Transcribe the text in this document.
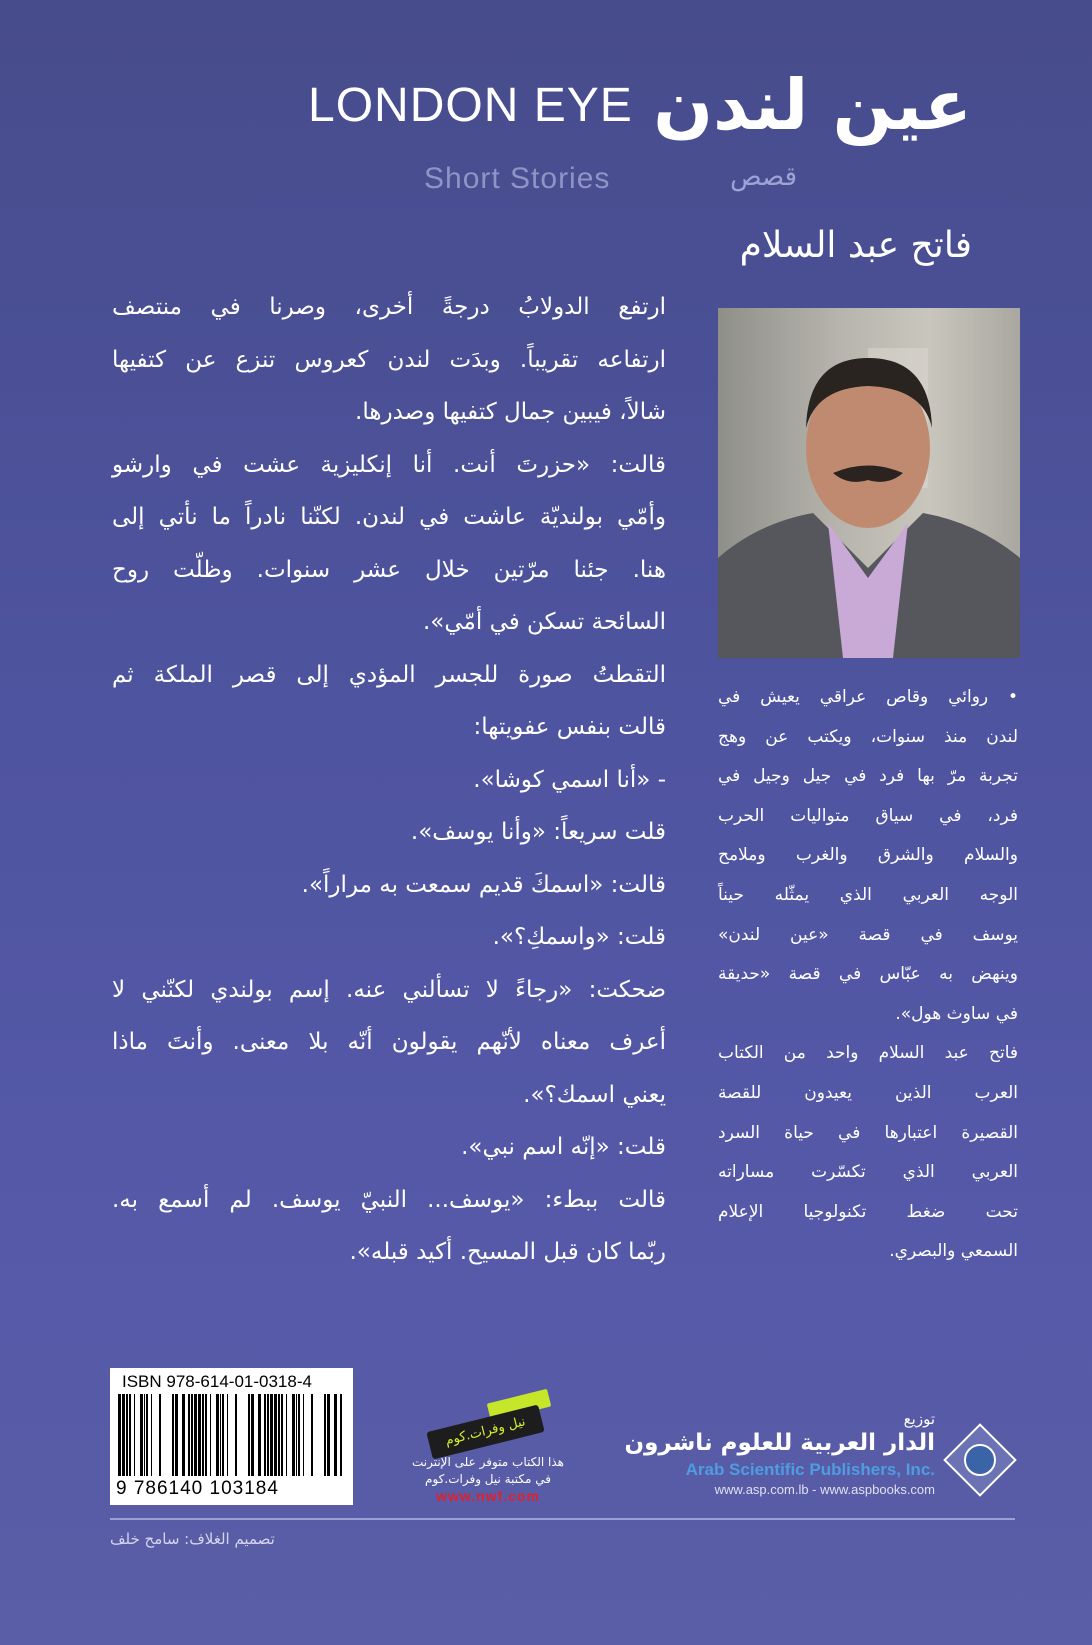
عين لندن
LONDON EYE
Short Stories	قصص
فاتح عبد السلام
ارتفع الدولابُ درجةً أخرى، وصرنا في منتصف
ارتفاعه تقريباً. وبدَت لندن كعروس تنزع عن كتفيها
شالاً، فيبين جمال كتفيها وصدرها.
قالت: «حزرتَ أنت. أنا إنكليزية عشت في وارشو
وأمّي بولنديّة عاشت في لندن. لكنّنا نادراً ما نأتي إلى
هنا. جئنا مرّتين خلال عشر سنوات. وظلّت روح
السائحة تسكن في أمّي».
التقطتُ صورة للجسر المؤدي إلى قصر الملكة ثم
قالت بنفس عفويتها:
- «أنا اسمي كوشا».
قلت سريعاً: «وأنا يوسف».
قالت: «اسمكَ قديم سمعت به مراراً».
قلت: «واسمكِ؟».
ضحكت: «رجاءً لا تسألني عنه. إسم بولندي لكنّني لا
أعرف معناه لأنّهم يقولون أنّه بلا معنى. وأنتَ ماذا
يعني اسمك؟».
قلت: «إنّه اسم نبي».
قالت ببطء: «يوسف... النبيّ يوسف. لم أسمع به.
ربّما كان قبل المسيح. أكيد قبله».
• روائي وقاص عراقي يعيش في
لندن منذ سنوات، ويكتب عن وهج
تجربة مرّ بها فرد في جيل وجيل في
فرد، في سياق متواليات الحرب
والسلام والشرق والغرب وملامح
الوجه العربي الذي يمثّله حيناً
يوسف في قصة «عين لندن»
وينهض به عبّاس في قصة «حديقة
في ساوث هول».
فاتح عبد السلام واحد من الكتاب
العرب الذين يعيدون للقصة
القصيرة اعتبارها في حياة السرد
العربي الذي تكسّرت مساراته
تحت ضغط تكنولوجيا الإعلام
السمعي والبصري.
ISBN 978-614-01-0318-4
9 786140 103184
نيل وفرات.كوم
هذا الكتاب متوفر على الإنترنت
في مكتبة نيل وفرات.كوم
www.nwf.com
توزيع
الدار العربية للعلوم ناشرون
Arab Scientific Publishers, Inc.
www.asp.com.lb - www.aspbooks.com
تصميم الغلاف: سامح خلف
